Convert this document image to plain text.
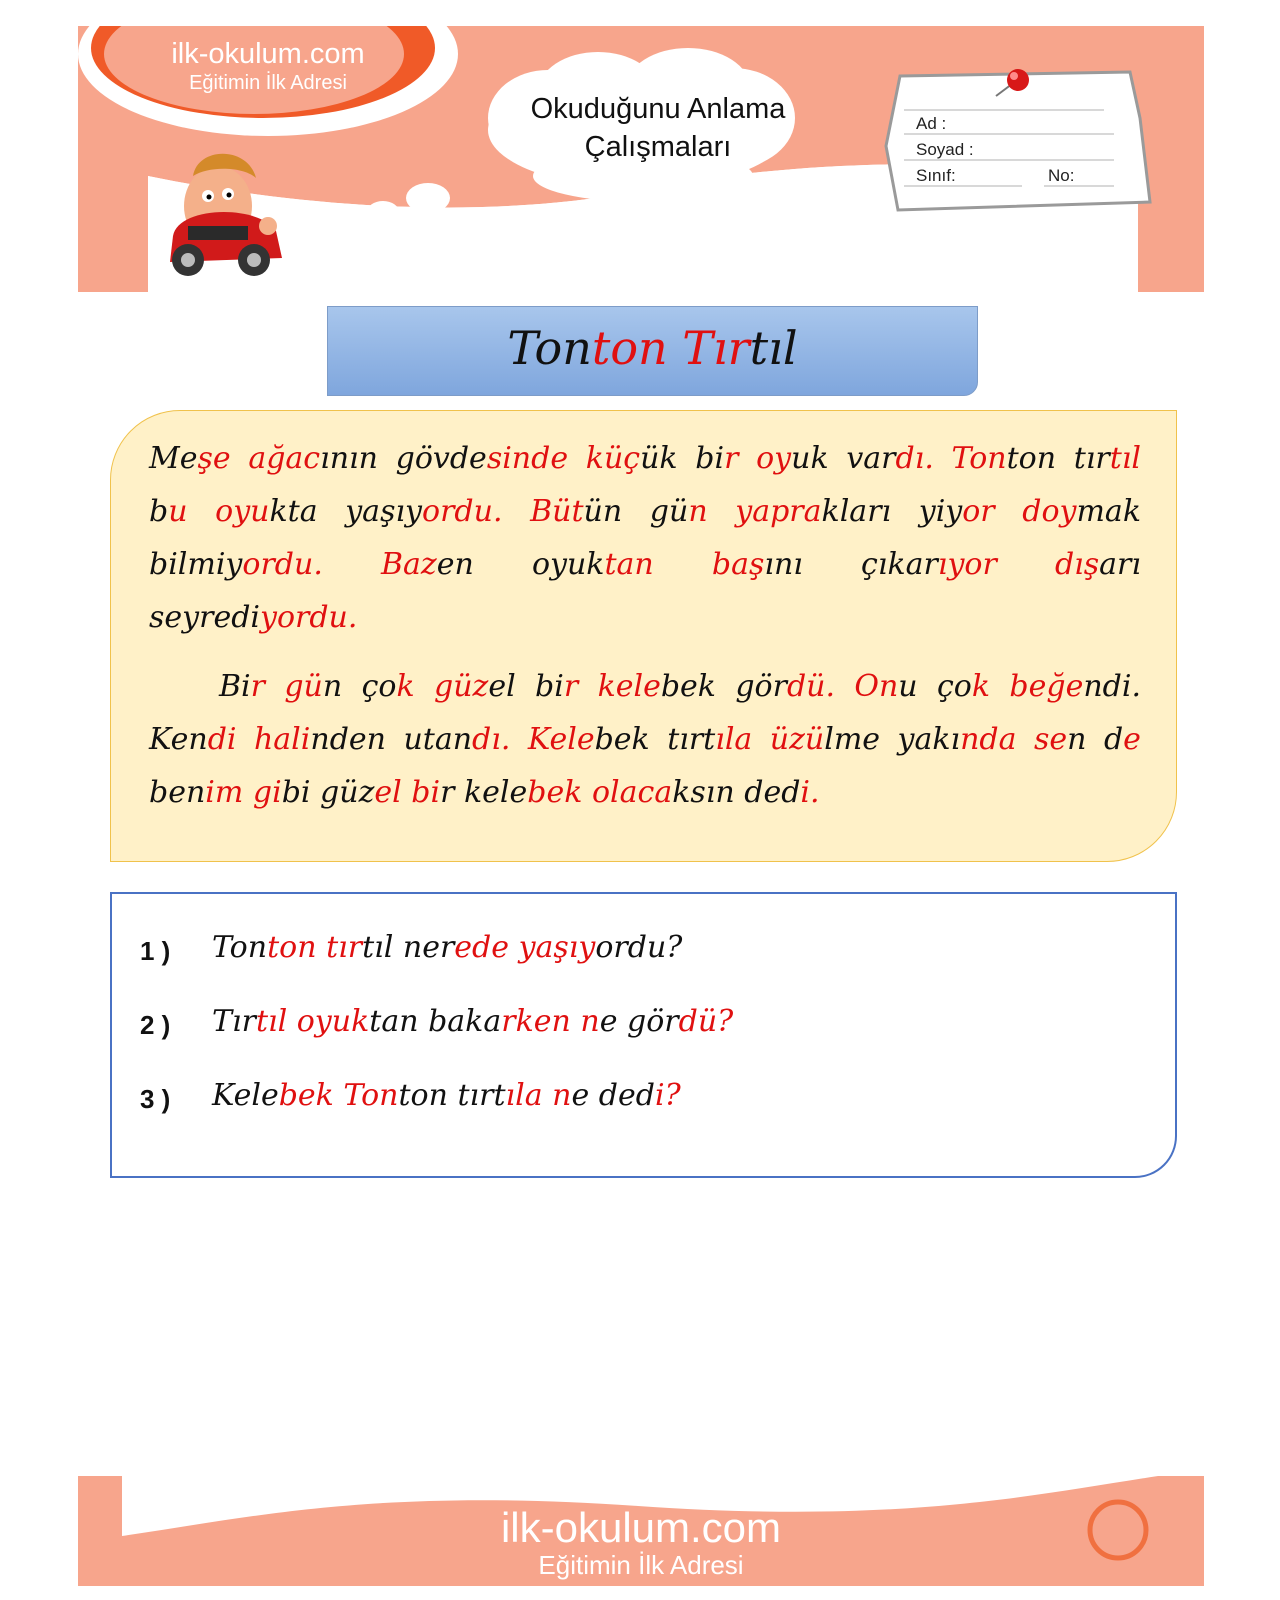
ilk-okulum.com
Eğitimin İlk Adresi
Okuduğunu Anlama
Çalışmaları
Ad :
Soyad :
Sınıf:	No:
Tonton Tırtıl
Meşe ağacının gövdesinde küçük bir oyuk vardı. Tonton tırtıl
bu oyukta yaşıyordu. Bütün gün yaprakları yiyor doymak
bilmiyordu. Bazen oyuktan başını çıkarıyor dışarı
seyrediyordu.
Bir gün çok güzel bir kelebek gördü. Onu çok beğendi.
Kendi halinden utandı. Kelebek tırtıla üzülme yakında sen de
benim gibi güzel bir kelebek olacaksın dedi.
1 ) Tonton tırtıl nerede yaşıyordu?
2 ) Tırtıl oyuktan bakarken ne gördü?
3 ) Kelebek Tonton tırtıla ne dedi?
ilk-okulum.com
Eğitimin İlk Adresi
